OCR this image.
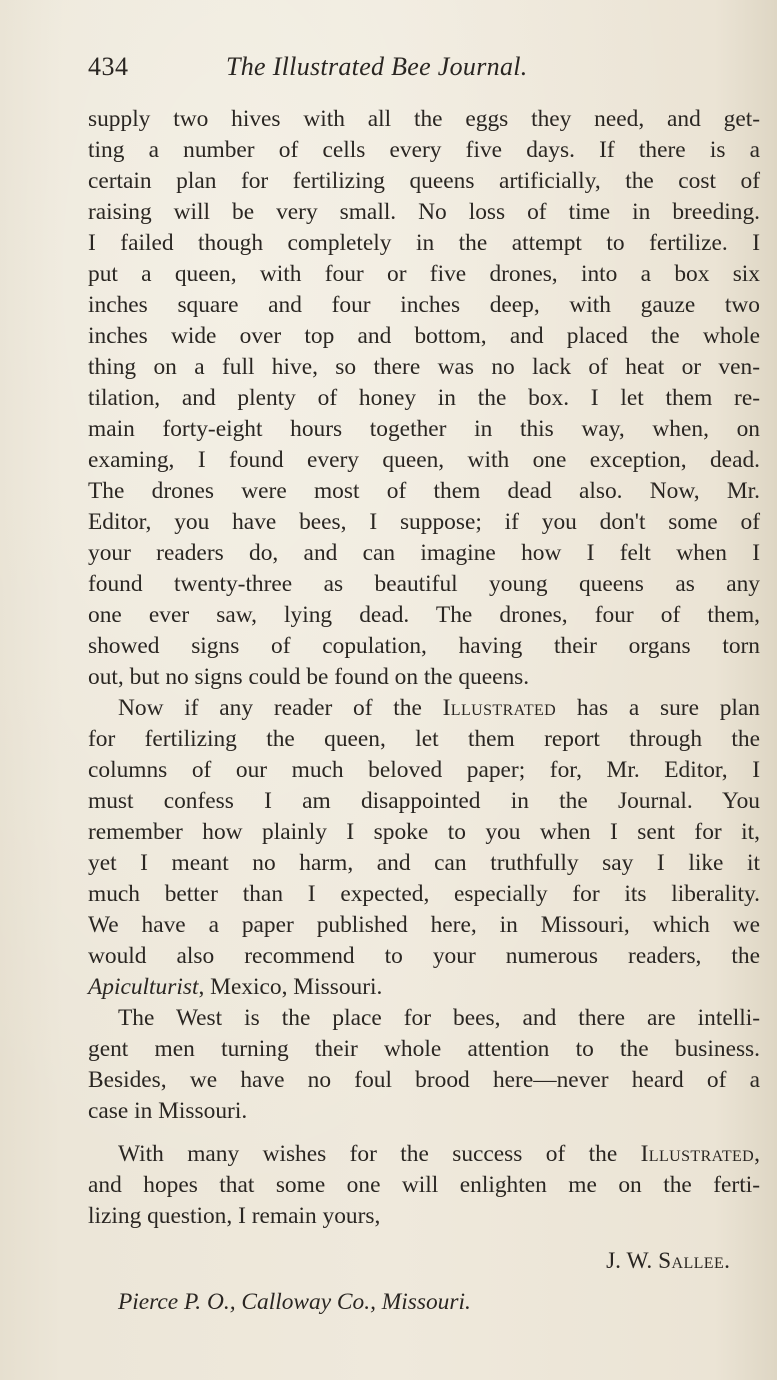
434	The Illustrated Bee Journal.
supply two hives with all the eggs they need, and get-
ting a number of cells every five days. If there is a
certain plan for fertilizing queens artificially, the cost of
raising will be very small. No loss of time in breeding.
I failed though completely in the attempt to fertilize. I
put a queen, with four or five drones, into a box six
inches square and four inches deep, with gauze two
inches wide over top and bottom, and placed the whole
thing on a full hive, so there was no lack of heat or ven-
tilation, and plenty of honey in the box. I let them re-
main forty-eight hours together in this way, when, on
examing, I found every queen, with one exception, dead.
The drones were most of them dead also. Now, Mr.
Editor, you have bees, I suppose; if you don't some of
your readers do, and can imagine how I felt when I
found twenty-three as beautiful young queens as any
one ever saw, lying dead. The drones, four of them,
showed signs of copulation, having their organs torn
out, but no signs could be found on the queens.
Now if any reader of the Illustrated has a sure plan
for fertilizing the queen, let them report through the
columns of our much beloved paper; for, Mr. Editor, I
must confess I am disappointed in the Journal. You
remember how plainly I spoke to you when I sent for it,
yet I meant no harm, and can truthfully say I like it
much better than I expected, especially for its liberality.
We have a paper published here, in Missouri, which we
would also recommend to your numerous readers, the
Apiculturist, Mexico, Missouri.
The West is the place for bees, and there are intelli-
gent men turning their whole attention to the business.
Besides, we have no foul brood here—never heard of a
case in Missouri.
With many wishes for the success of the Illustrated,
and hopes that some one will enlighten me on the ferti-
lizing question, I remain yours,
J. W. Sallee.
Pierce P. O., Calloway Co., Missouri.
